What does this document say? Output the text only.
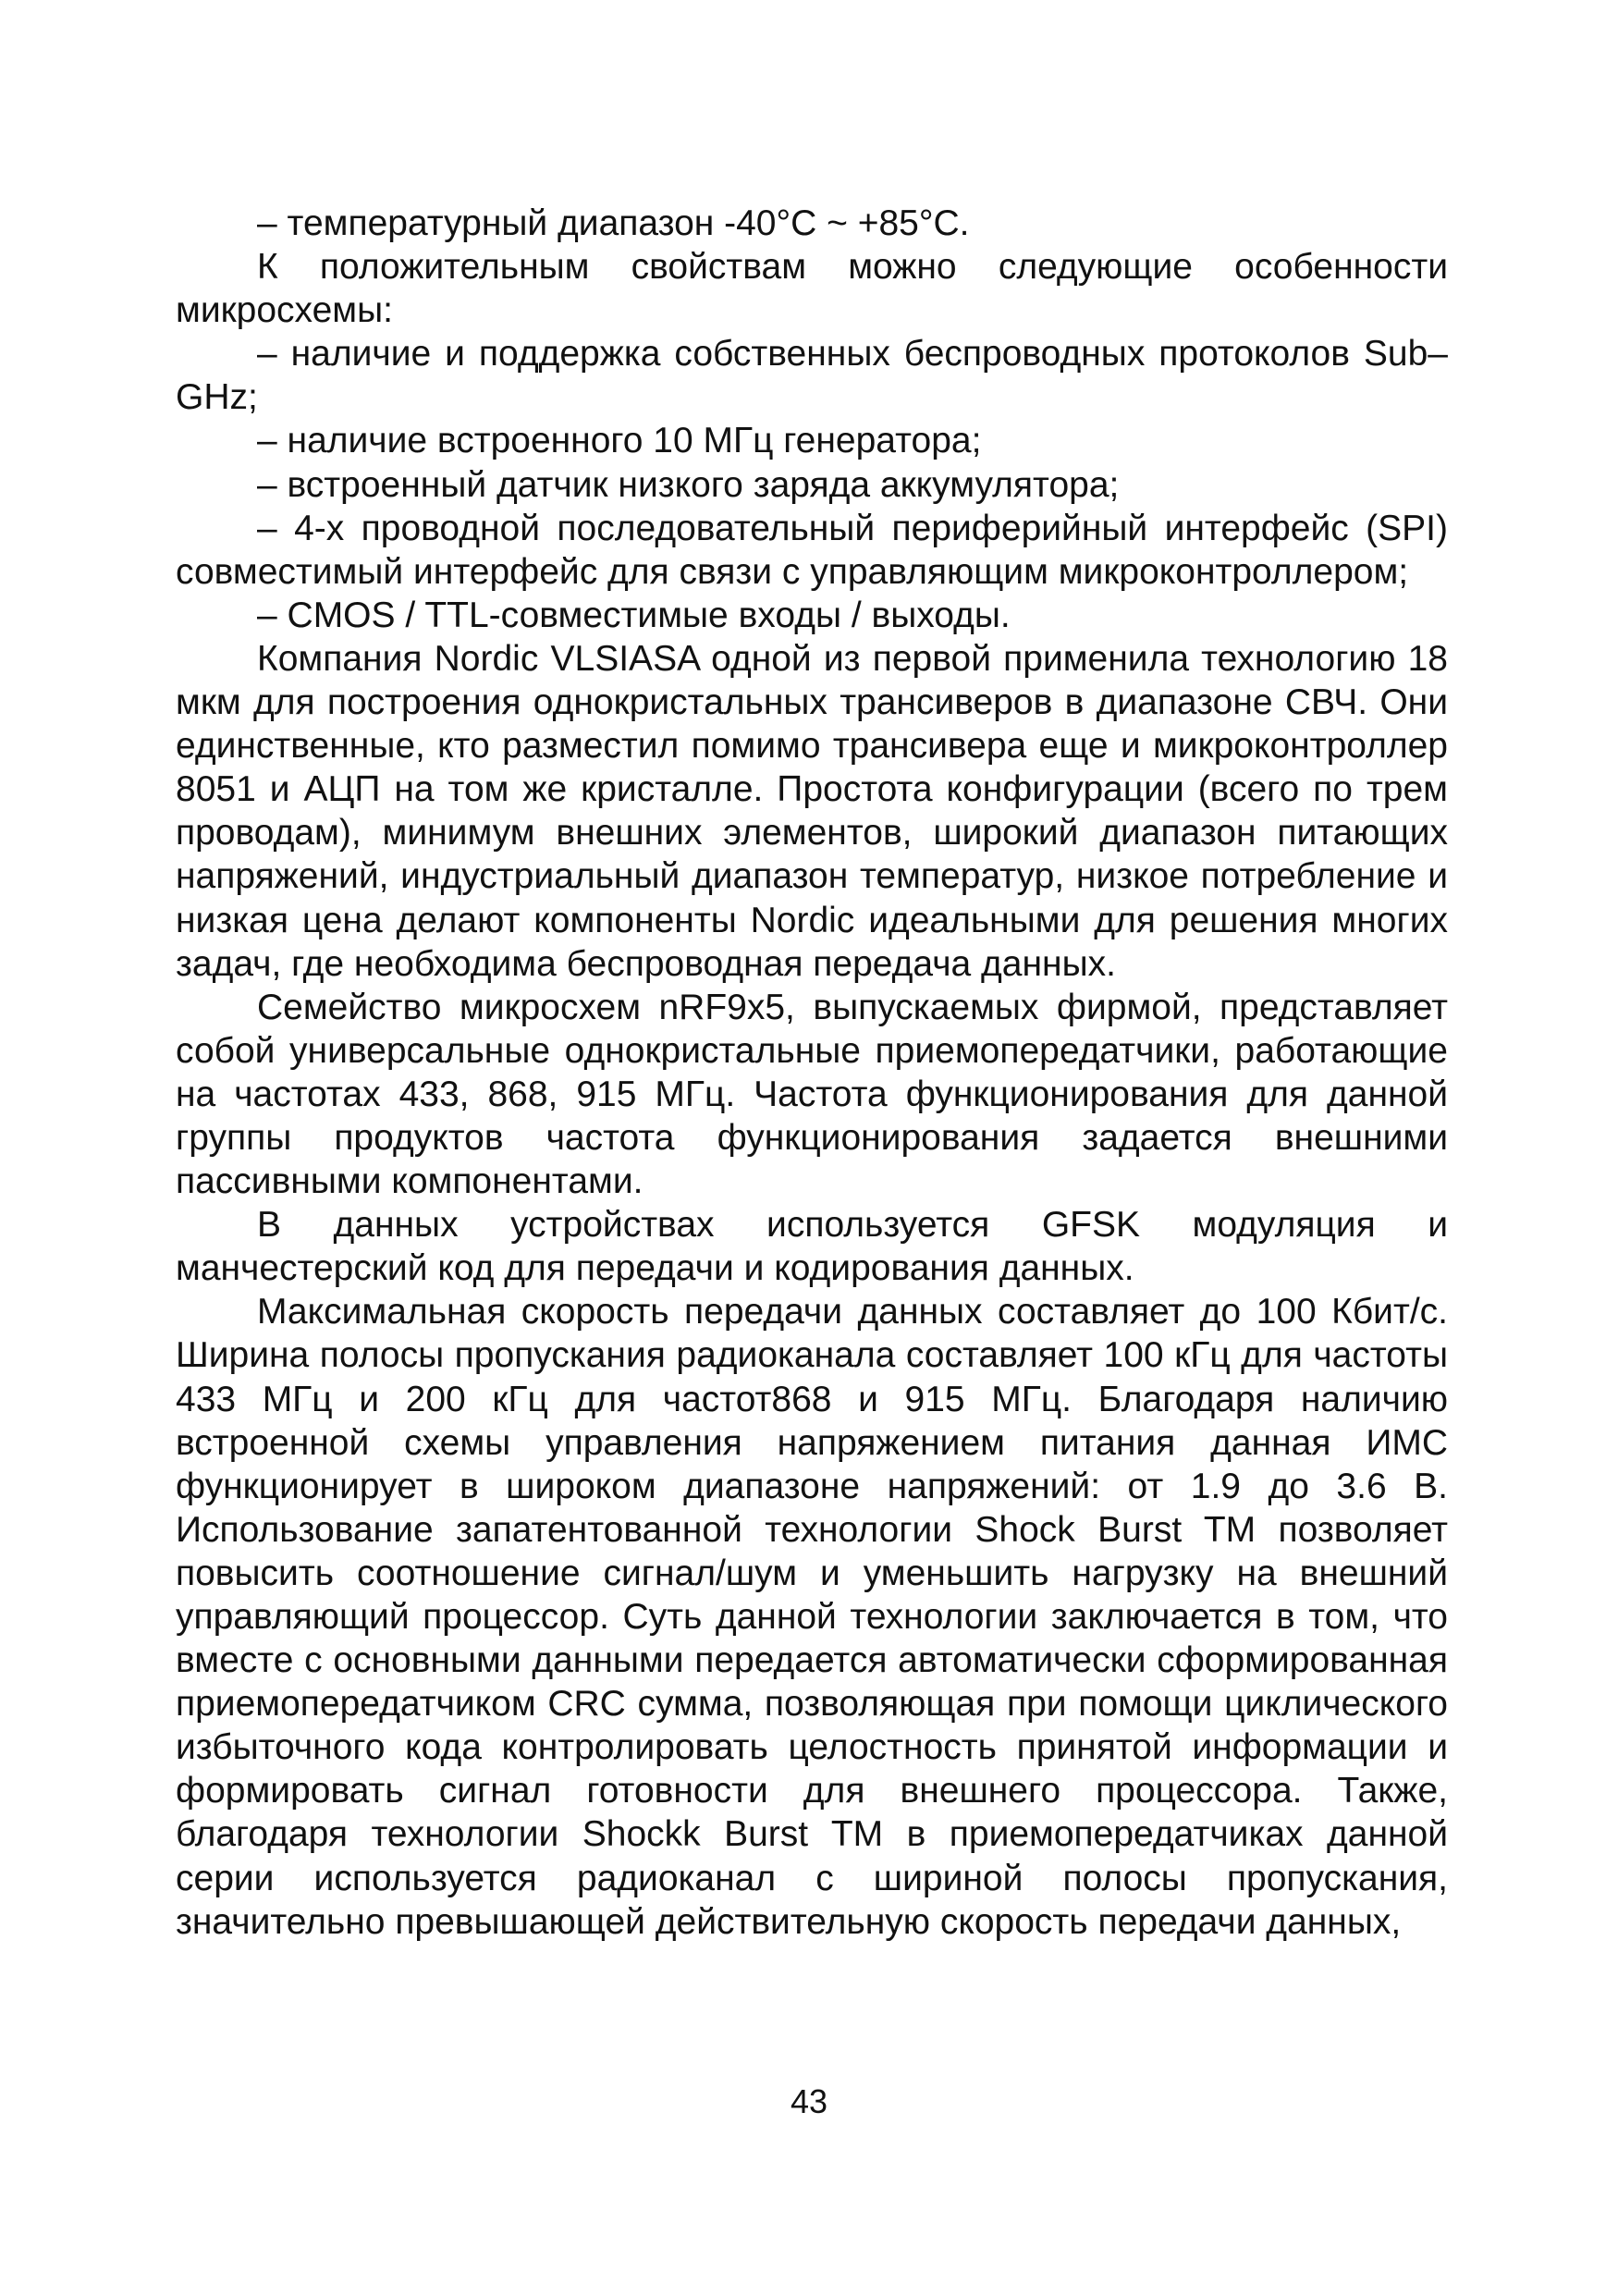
– температурный диапазон -40°C ~ +85°C.

К положительным свойствам можно следующие особенности микросхемы:

– наличие и поддержка собственных беспроводных протоколов Sub–GHz;

– наличие встроенного 10 МГц генератора;

– встроенный датчик низкого заряда аккумулятора;

– 4-х проводной последовательный периферийный интерфейс (SPI) совместимый интерфейс для связи с управляющим микроконтроллером;

– CMOS / TTL-совместимые входы / выходы.

Компания Nordic VLSIASA одной из первой применила технологию 18 мкм для построения однокристальных трансиверов в диапазоне СВЧ. Они единственные, кто разместил помимо трансивера еще и микроконтроллер 8051 и АЦП на том же кристалле. Простота конфигурации (всего по трем проводам), минимум внешних элементов, широкий диапазон питающих напряжений, индустриальный диапазон температур, низкое потребление и низкая цена делают компоненты Nordic идеальными для решения многих задач, где необходима беспроводная передача данных.

Семейство микросхем nRF9x5, выпускаемых фирмой, представляет собой универсальные однокристальные приемопередатчики, работающие на частотах 433, 868, 915 МГц. Частота функционирования для данной группы продуктов частота функционирования задается внешними пассивными компонентами.

В данных устройствах используется GFSK модуляция и манчестерский код для передачи и кодирования данных.

Максимальная скорость передачи данных составляет до 100 Кбит/с. Ширина полосы пропускания радиоканала составляет 100 кГц для частоты 433 МГц и 200 кГц для частот868 и 915 МГц. Благодаря наличию встроенной схемы управления напряжением питания данная ИМС функционирует в широком диапазоне напряжений: от 1.9 до 3.6 В. Использование запатентованной технологии Shock Burst TM позволяет повысить соотношение сигнал/шум и уменьшить нагрузку на внешний управляющий процессор. Суть данной технологии заключается в том, что вместе с основными данными передается автоматически сформированная приемопередатчиком CRC сумма, позволяющая при помощи циклического избыточного кода контролировать целостность принятой информации и формировать сигнал готовности для внешнего процессора. Также, благодаря технологии Shockk Burst TM в приемопередатчиках данной серии используется радиоканал с шириной полосы пропускания, значительно превышающей действительную скорость передачи данных,

43
